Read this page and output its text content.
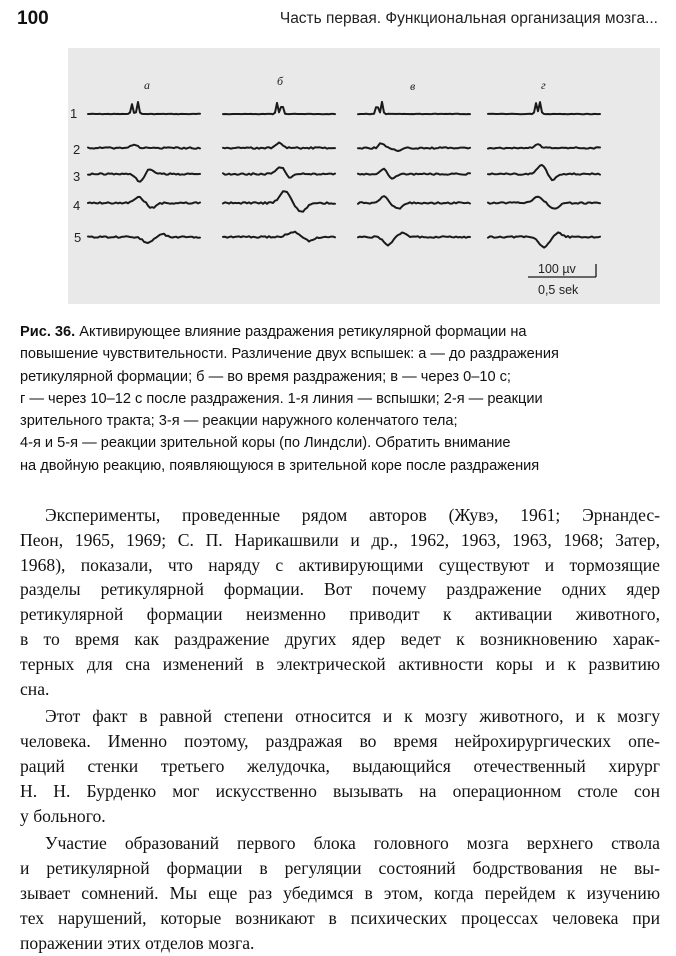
100	Часть первая. Функциональная организация мозга...
а	б	в	г
1
2
3
4
5
100 µv
0,5 sek

Рис. 36. Активирующее влияние раздражения ретикулярной формации на

повышение чувствительности. Различение двух вспышек: а — до раздражения

ретикулярной формации; б — во время раздражения; в — через 0–10 с;

г — через 10–12 с после раздражения. 1-я линия — вспышки; 2-я — реакции

зрительного тракта; 3-я — реакции наружного коленчатого тела;

4-я и 5-я — реакции зрительной коры (по Линдсли). Обратить внимание

на двойную реакцию, появляющуюся в зрительной коре после раздражения

Эксперименты, проведенные рядом авторов (Жувэ, 1961; Эрнандес-
Пеон, 1965, 1969; С. П. Нарикашвили и др., 1962, 1963, 1963, 1968; Затер,
1968), показали, что наряду с активирующими существуют и тормозящие
разделы ретикулярной формации. Вот почему раздражение одних ядер
ретикулярной формации неизменно приводит к активации животного,
в то время как раздражение других ядер ведет к возникновению харак-
терных для сна изменений в электрической активности коры и к развитию
сна.
Этот факт в равной степени относится и к мозгу животного, и к мозгу
человека. Именно поэтому, раздражая во время нейрохирургических опе-
раций стенки третьего желудочка, выдающийся отечественный хирург
Н. Н. Бурденко мог искусственно вызывать на операционном столе сон
у больного.
Участие образований первого блока головного мозга верхнего ствола
и ретикулярной формации в регуляции состояний бодрствования не вы-
зывает сомнений. Мы еще раз убедимся в этом, когда перейдем к изучению
тех нарушений, которые возникают в психических процессах человека при
поражении этих отделов мозга.
